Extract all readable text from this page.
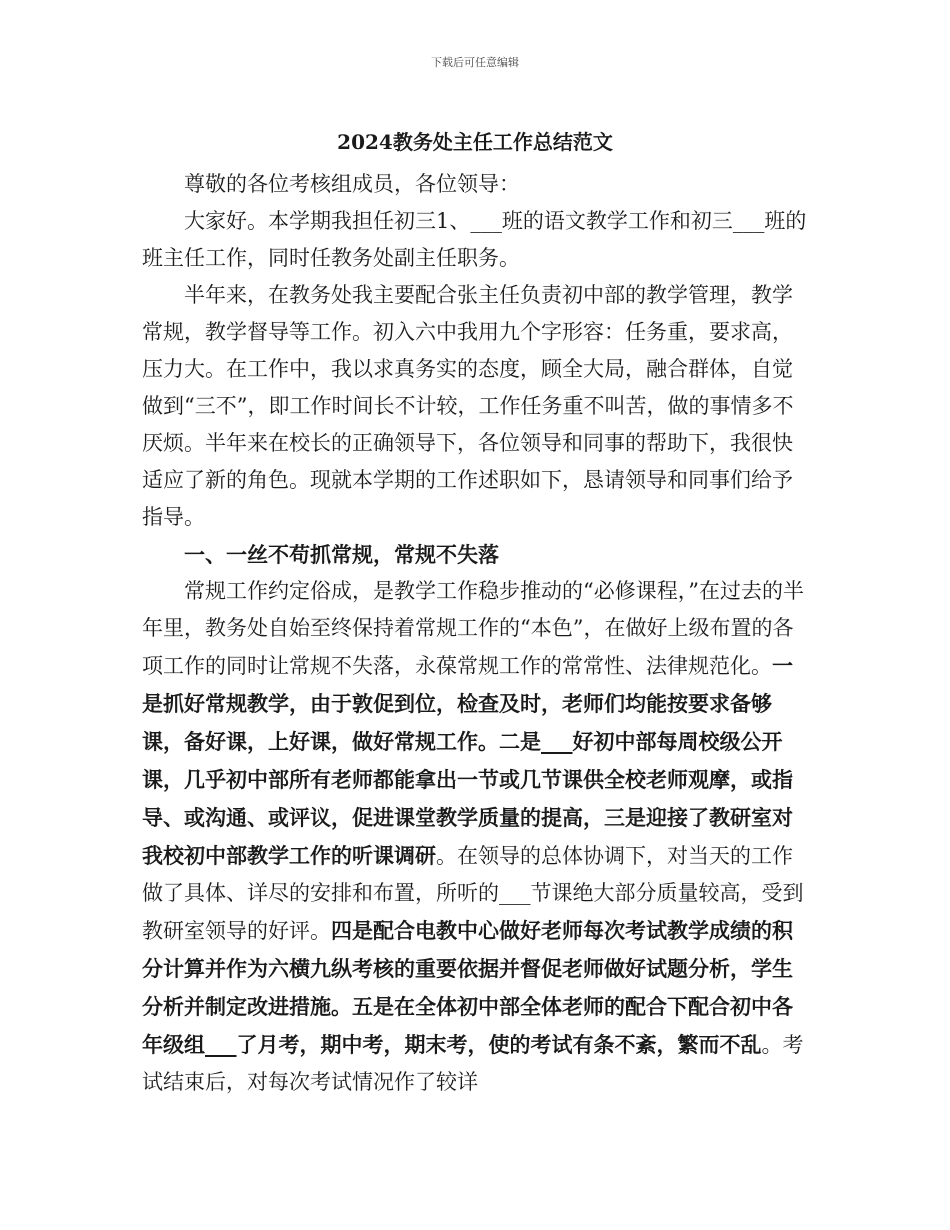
下载后可任意编辑
2024教务处主任工作总结范文

尊敬的各位考核组成员，各位领导：

大家好。本学期我担任初三1、___班的语文教学工作和初三___班的班主任工作，同时任教务处副主任职务。

半年来，在教务处我主要配合张主任负责初中部的教学管理，教学常规，教学督导等工作。初入六中我用九个字形容：任务重，要求高，压力大。在工作中，我以求真务实的态度，顾全大局，融合群体，自觉做到“三不”，即工作时间长不计较，工作任务重不叫苦，做的事情多不厌烦。半年来在校长的正确领导下，各位领导和同事的帮助下，我很快适应了新的角色。现就本学期的工作述职如下，恳请领导和同事们给予指导。

一、一丝不苟抓常规，常规不失落

常规工作约定俗成，是教学工作稳步推动的“必修课程，”在过去的半年里，教务处自始至终保持着常规工作的“本色”，在做好上级布置的各项工作的同时让常规不失落，永葆常规工作的常常性、法律规范化。一是抓好常规教学，由于敦促到位，检查及时，老师们均能按要求备够课，备好课，上好课，做好常规工作。二是___好初中部每周校级公开课，几乎初中部所有老师都能拿出一节或几节课供全校老师观摩，或指导、或沟通、或评议，促进课堂教学质量的提高，三是迎接了教研室对我校初中部教学工作的听课调研。在领导的总体协调下，对当天的工作做了具体、详尽的安排和布置，所听的___节课绝大部分质量较高，受到教研室领导的好评。四是配合电教中心做好老师每次考试教学成绩的积分计算并作为六横九纵考核的重要依据并督促老师做好试题分析，学生分析并制定改进措施。五是在全体初中部全体老师的配合下配合初中各年级组___了月考，期中考，期末考，使的考试有条不紊，繁而不乱。考试结束后，对每次考试情况作了较详
